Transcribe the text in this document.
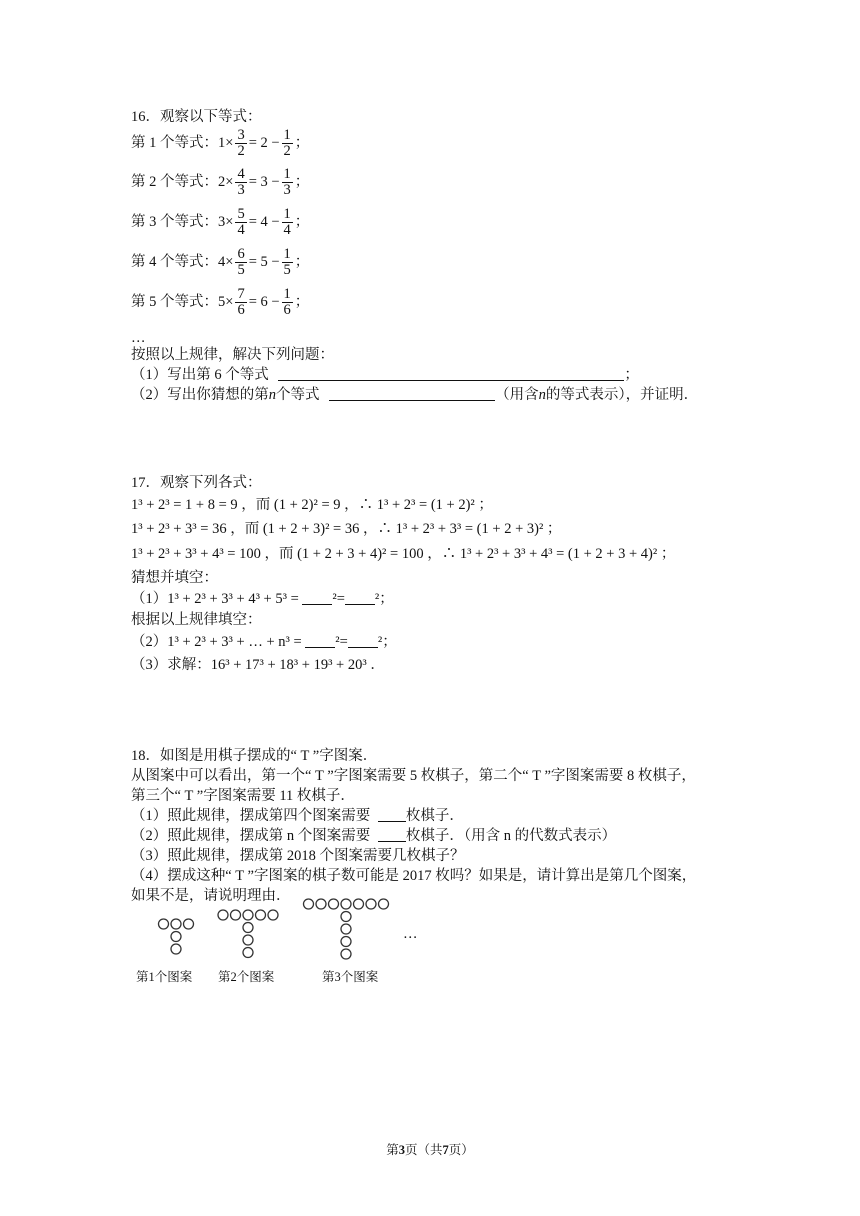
16．观察以下等式：
第 1 个等式：$1\times \frac{3}{2} = 2 - \frac{1}{2}$ ；
第 2 个等式：$2\times \frac{4}{3} = 3 - \frac{1}{3}$ ；
第 3 个等式：$3\times \frac{5}{4} = 4 - \frac{1}{4}$ ；
第 4 个等式：$4\times \frac{6}{5} = 5 - \frac{1}{5}$ ；
第 5 个等式：$5\times \frac{7}{6} = 6 - \frac{1}{6}$ ；
…
按照以上规律，解决下列问题：
（1）写出第 6 个等式	；
（2）写出你猜想的第n个等式	（用含n的等式表示），并证明．
17．观察下列各式：
1³ + 2³ = 1 + 8 = 9 ，而 (1 + 2)² = 9 ，∴ 1³ + 2³ = (1 + 2)² ；
1³ + 2³ + 3³ = 36 ，而 (1 + 2 + 3)² = 36 ，∴ 1³ + 2³ + 3³ = (1 + 2 + 3)² ；
1³ + 2³ + 3³ + 4³ = 100 ，而 (1 + 2 + 3 + 4)² = 100 ，∴ 1³ + 2³ + 3³ + 4³ = (1 + 2 + 3 + 4)² ；
猜想并填空：
（1）1³ + 2³ + 3³ + 4³ + 5³ = ²= ²；
根据以上规律填空：
（2）1³ + 2³ + 3³ + … + n³ = ²= ²；
（3）求解：16³ + 17³ + 18³ + 19³ + 20³ ．
18．如图是用棋子摆成的“ T ”字图案．
从图案中可以看出，第一个“ T ”字图案需要 5 枚棋子，第二个“ T ”字图案需要 8 枚棋子，
第三个“ T ”字图案需要 11 枚棋子．
（1）照此规律，摆成第四个图案需要 枚棋子．
（2）照此规律，摆成第 n 个图案需要 枚棋子．（用含 n 的代数式表示）
（3）照此规律，摆成第 2018 个图案需要几枚棋子？
（4）摆成这种“ T ”字图案的棋子数可能是 2017 枚吗？如果是，请计算出是第几个图案，
如果不是，请说明理由．
…
第1个图案 第2个图案	第3个图案
第3页（共7页）
